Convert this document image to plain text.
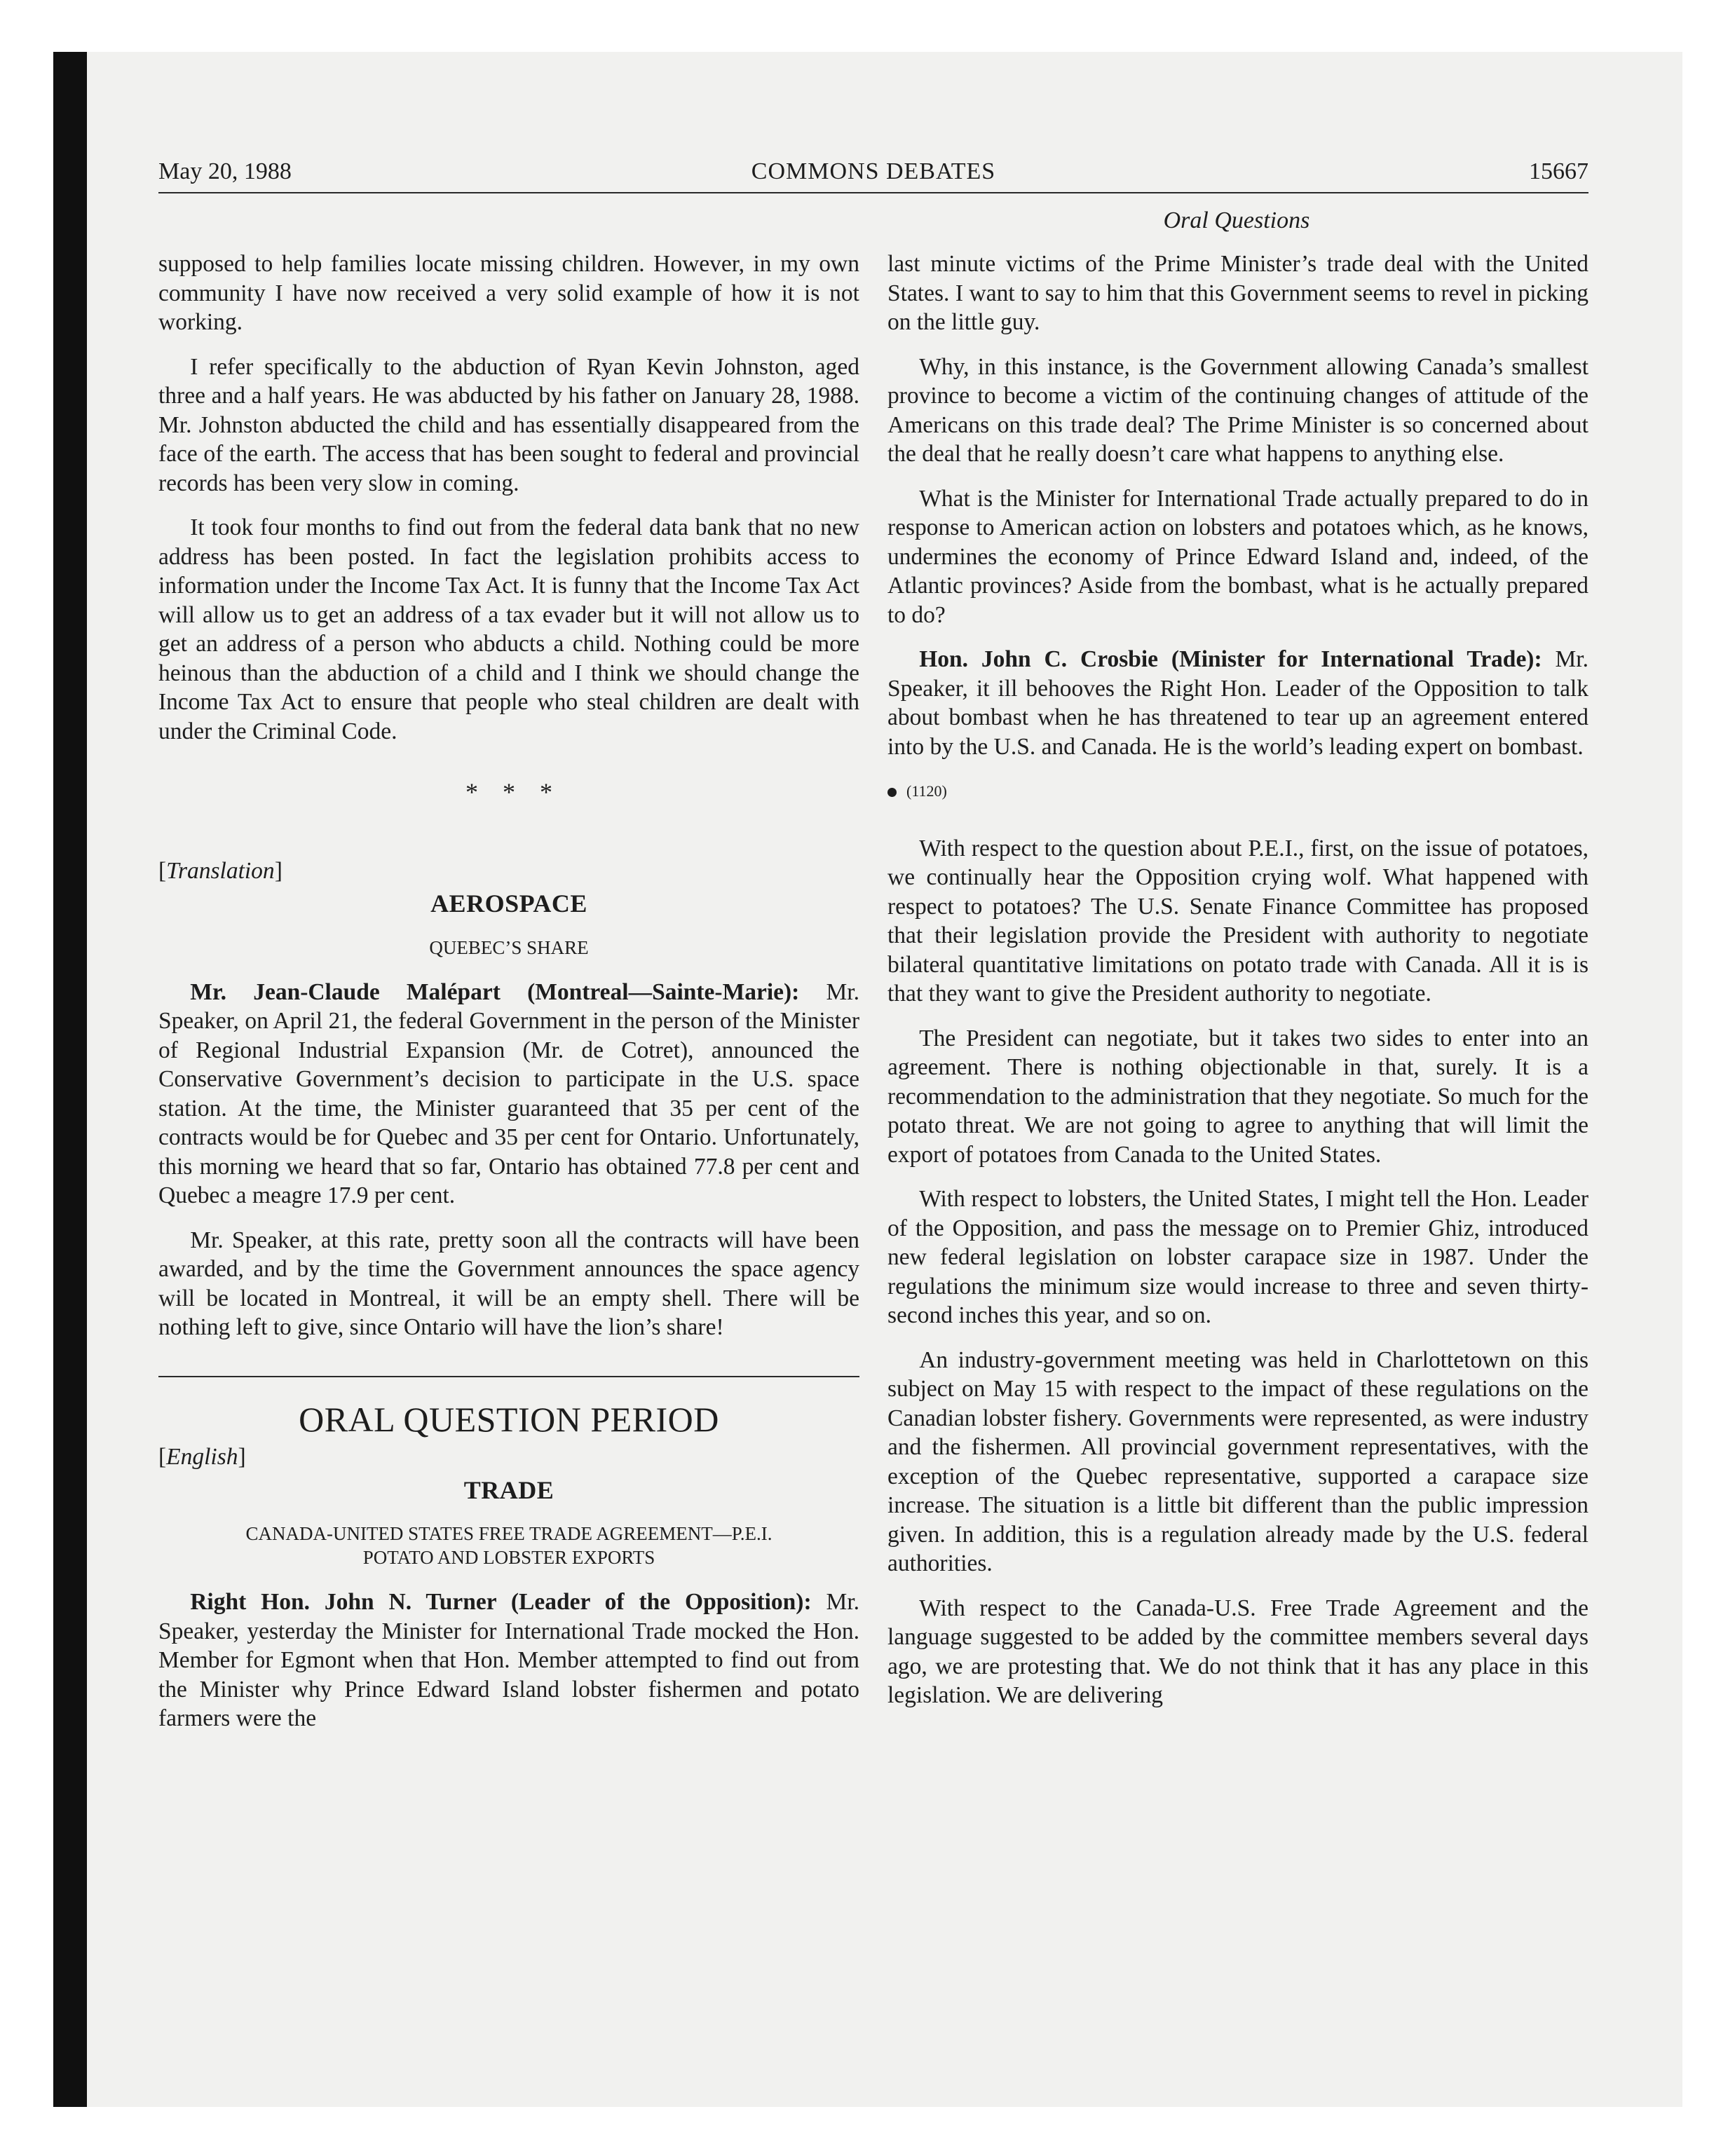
May 20, 1988	COMMONS DEBATES	15667
Oral Questions

supposed to help families locate missing children. However, in my own community I have now received a very solid example of how it is not working.

I refer specifically to the abduction of Ryan Kevin Johnston, aged three and a half years. He was abducted by his father on January 28, 1988. Mr. Johnston abducted the child and has essentially disappeared from the face of the earth. The access that has been sought to federal and provincial records has been very slow in coming.

It took four months to find out from the federal data bank that no new address has been posted. In fact the legislation prohibits access to information under the Income Tax Act. It is funny that the Income Tax Act will allow us to get an address of a tax evader but it will not allow us to get an address of a person who abducts a child. Nothing could be more heinous than the abduction of a child and I think we should change the Income Tax Act to ensure that people who steal children are dealt with under the Criminal Code.

* * *
[Translation]
AEROSPACE
QUEBEC’S SHARE

Mr. Jean-Claude Malépart (Montreal—Sainte-Marie): Mr. Speaker, on April 21, the federal Government in the person of the Minister of Regional Industrial Expansion (Mr. de Cotret), announced the Conservative Government’s decision to participate in the U.S. space station. At the time, the Minister guaranteed that 35 per cent of the contracts would be for Quebec and 35 per cent for Ontario. Unfortunately, this morning we heard that so far, Ontario has obtained 77.8 per cent and Quebec a meagre 17.9 per cent.

Mr. Speaker, at this rate, pretty soon all the contracts will have been awarded, and by the time the Government announces the space agency will be located in Montreal, it will be an empty shell. There will be nothing left to give, since Ontario will have the lion’s share!

ORAL QUESTION PERIOD
[English]
TRADE
CANADA-UNITED STATES FREE TRADE AGREEMENT—P.E.I.
POTATO AND LOBSTER EXPORTS

Right Hon. John N. Turner (Leader of the Opposition): Mr. Speaker, yesterday the Minister for International Trade mocked the Hon. Member for Egmont when that Hon. Member attempted to find out from the Minister why Prince Edward Island lobster fishermen and potato farmers were the

last minute victims of the Prime Minister’s trade deal with the United States. I want to say to him that this Government seems to revel in picking on the little guy.

Why, in this instance, is the Government allowing Canada’s smallest province to become a victim of the continuing changes of attitude of the Americans on this trade deal? The Prime Minister is so concerned about the deal that he really doesn’t care what happens to anything else.

What is the Minister for International Trade actually prepared to do in response to American action on lobsters and potatoes which, as he knows, undermines the economy of Prince Edward Island and, indeed, of the Atlantic provinces? Aside from the bombast, what is he actually prepared to do?

Hon. John C. Crosbie (Minister for International Trade): Mr. Speaker, it ill behooves the Right Hon. Leader of the Opposition to talk about bombast when he has threatened to tear up an agreement entered into by the U.S. and Canada. He is the world’s leading expert on bombast.

(1120)

With respect to the question about P.E.I., first, on the issue of potatoes, we continually hear the Opposition crying wolf. What happened with respect to potatoes? The U.S. Senate Finance Committee has proposed that their legislation provide the President with authority to negotiate bilateral quantitative limitations on potato trade with Canada. All it is is that they want to give the President authority to negotiate.

The President can negotiate, but it takes two sides to enter into an agreement. There is nothing objectionable in that, surely. It is a recommendation to the administration that they negotiate. So much for the potato threat. We are not going to agree to anything that will limit the export of potatoes from Canada to the United States.

With respect to lobsters, the United States, I might tell the Hon. Leader of the Opposition, and pass the message on to Premier Ghiz, introduced new federal legislation on lobster carapace size in 1987. Under the regulations the minimum size would increase to three and seven thirty-second inches this year, and so on.

An industry-government meeting was held in Charlottetown on this subject on May 15 with respect to the impact of these regulations on the Canadian lobster fishery. Governments were represented, as were industry and the fishermen. All provincial government representatives, with the exception of the Quebec representative, supported a carapace size increase. The situation is a little bit different than the public impression given. In addition, this is a regulation already made by the U.S. federal authorities.

With respect to the Canada-U.S. Free Trade Agreement and the language suggested to be added by the committee members several days ago, we are protesting that. We do not think that it has any place in this legislation. We are delivering
